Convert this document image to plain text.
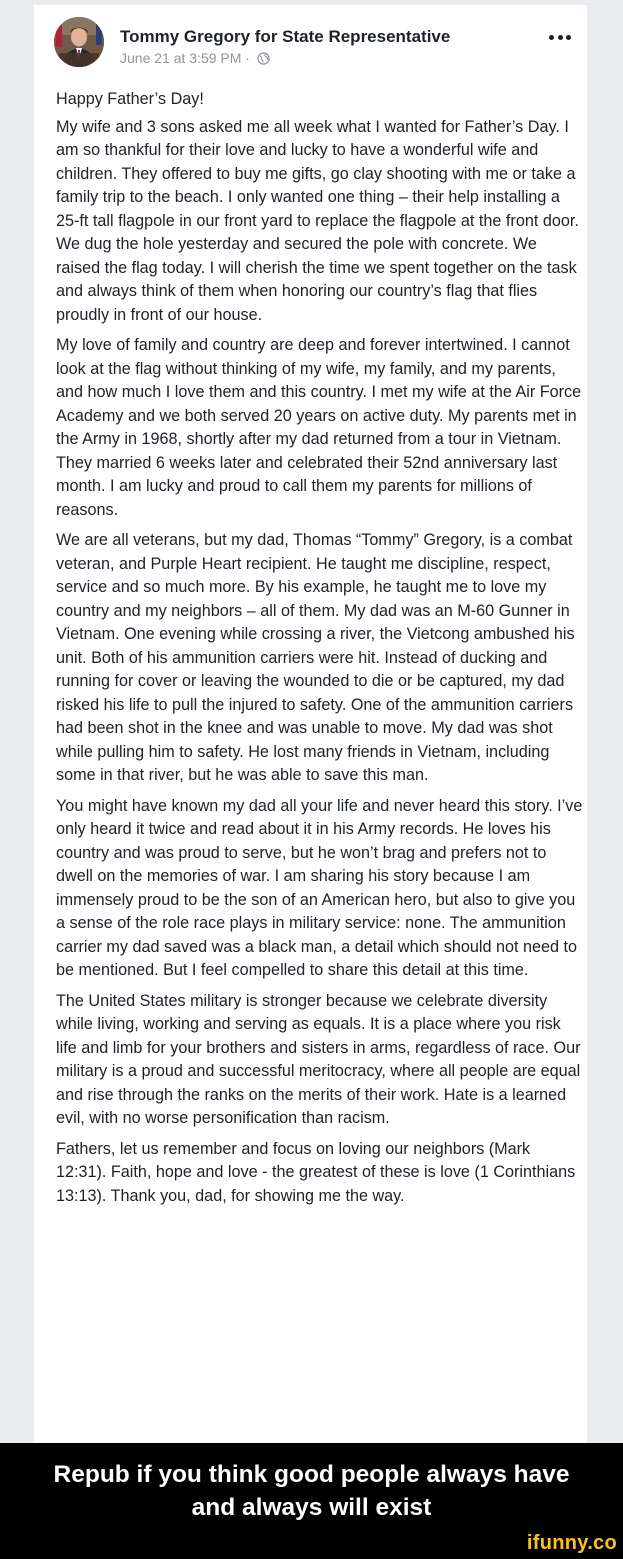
Tommy Gregory for State Representative
June 21 at 3:59 PM ·

Happy Father’s Day!

My wife and 3 sons asked me all week what I wanted for Father’s Day. I am so thankful for their love and lucky to have a wonderful wife and children. They offered to buy me gifts, go clay shooting with me or take a family trip to the beach. I only wanted one thing – their help installing a 25-ft tall flagpole in our front yard to replace the flagpole at the front door. We dug the hole yesterday and secured the pole with concrete. We raised the flag today. I will cherish the time we spent together on the task and always think of them when honoring our country’s flag that flies proudly in front of our house.

My love of family and country are deep and forever intertwined. I cannot look at the flag without thinking of my wife, my family, and my parents, and how much I love them and this country. I met my wife at the Air Force Academy and we both served 20 years on active duty. My parents met in the Army in 1968, shortly after my dad returned from a tour in Vietnam. They married 6 weeks later and celebrated their 52nd anniversary last month. I am lucky and proud to call them my parents for millions of reasons.

We are all veterans, but my dad, Thomas “Tommy” Gregory, is a combat veteran, and Purple Heart recipient. He taught me discipline, respect, service and so much more. By his example, he taught me to love my country and my neighbors – all of them. My dad was an M-60 Gunner in Vietnam. One evening while crossing a river, the Vietcong ambushed his unit. Both of his ammunition carriers were hit. Instead of ducking and running for cover or leaving the wounded to die or be captured, my dad risked his life to pull the injured to safety. One of the ammunition carriers had been shot in the knee and was unable to move. My dad was shot while pulling him to safety. He lost many friends in Vietnam, including some in that river, but he was able to save this man.

You might have known my dad all your life and never heard this story. I’ve only heard it twice and read about it in his Army records. He loves his country and was proud to serve, but he won’t brag and prefers not to dwell on the memories of war. I am sharing his story because I am immensely proud to be the son of an American hero, but also to give you a sense of the role race plays in military service: none. The ammunition carrier my dad saved was a black man, a detail which should not need to be mentioned. But I feel compelled to share this detail at this time.

The United States military is stronger because we celebrate diversity while living, working and serving as equals. It is a place where you risk life and limb for your brothers and sisters in arms, regardless of race. Our military is a proud and successful meritocracy, where all people are equal and rise through the ranks on the merits of their work. Hate is a learned evil, with no worse personification than racism.

Fathers, let us remember and focus on loving our neighbors (Mark 12:31). Faith, hope and love - the greatest of these is love (1 Corinthians 13:13). Thank you, dad, for showing me the way.

Repub if you think good people always have
and always will exist
ifunny.co
